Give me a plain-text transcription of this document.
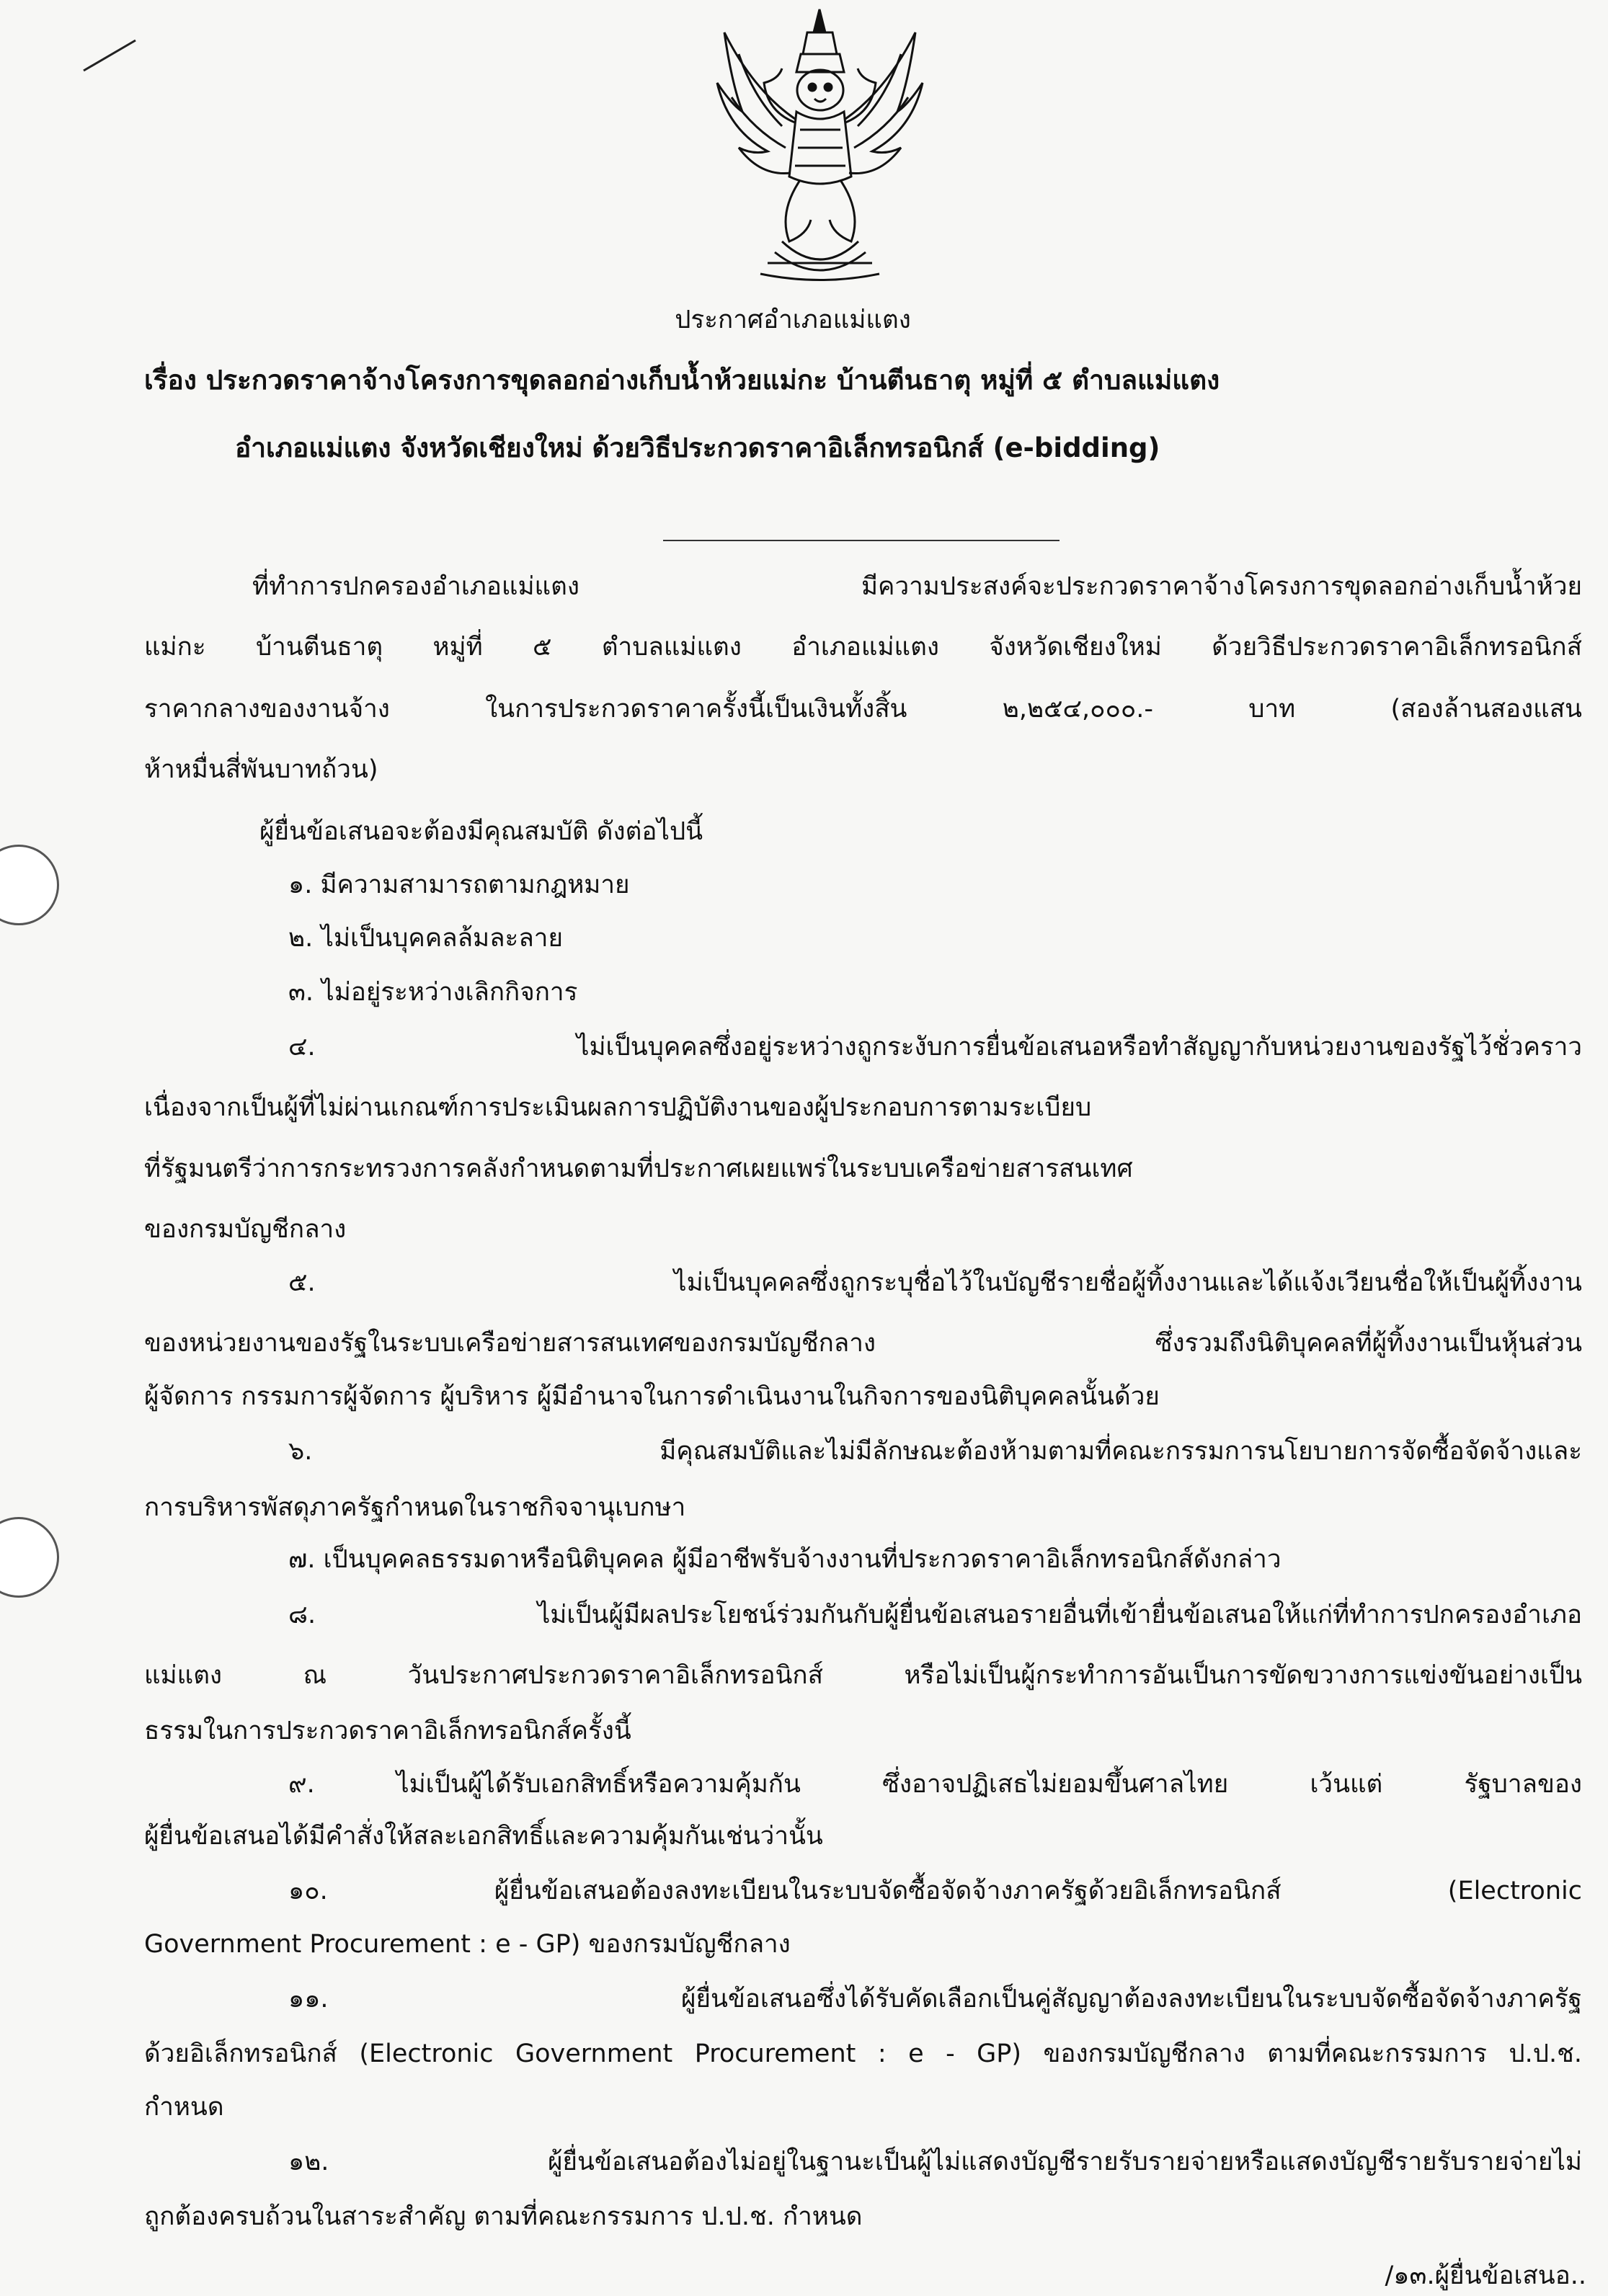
ประกาศอำเภอแม่แตง
เรื่อง ประกวดราคาจ้างโครงการขุดลอกอ่างเก็บน้ำห้วยแม่กะ บ้านตีนธาตุ หมู่ที่ ๕ ตำบลแม่แตง
อำเภอแม่แตง จังหวัดเชียงใหม่ ด้วยวิธีประกวดราคาอิเล็กทรอนิกส์ (e-bidding)
ที่ทำการปกครองอำเภอแม่แตง มีความประสงค์จะประกวดราคาจ้างโครงการขุดลอกอ่างเก็บน้ำห้วย
แม่กะ บ้านตีนธาตุ หมู่ที่ ๕ ตำบลแม่แตง อำเภอแม่แตง จังหวัดเชียงใหม่ ด้วยวิธีประกวดราคาอิเล็กทรอนิกส์
ราคากลางของงานจ้าง ในการประกวดราคาครั้งนี้เป็นเงินทั้งสิ้น ๒,๒๕๔,๐๐๐.- บาท (สองล้านสองแสน
ห้าหมื่นสี่พันบาทถ้วน)
ผู้ยื่นข้อเสนอจะต้องมีคุณสมบัติ ดังต่อไปนี้
๑. มีความสามารถตามกฎหมาย
๒. ไม่เป็นบุคคลล้มละลาย
๓. ไม่อยู่ระหว่างเลิกกิจการ
๔. ไม่เป็นบุคคลซึ่งอยู่ระหว่างถูกระงับการยื่นข้อเสนอหรือทำสัญญากับหน่วยงานของรัฐไว้ชั่วคราว
เนื่องจากเป็นผู้ที่ไม่ผ่านเกณฑ์การประเมินผลการปฏิบัติงานของผู้ประกอบการตามระเบียบ
ที่รัฐมนตรีว่าการกระทรวงการคลังกำหนดตามที่ประกาศเผยแพร่ในระบบเครือข่ายสารสนเทศ
ของกรมบัญชีกลาง
๕. ไม่เป็นบุคคลซึ่งถูกระบุชื่อไว้ในบัญชีรายชื่อผู้ทิ้งงานและได้แจ้งเวียนชื่อให้เป็นผู้ทิ้งงาน
ของหน่วยงานของรัฐในระบบเครือข่ายสารสนเทศของกรมบัญชีกลาง ซึ่งรวมถึงนิติบุคคลที่ผู้ทิ้งงานเป็นหุ้นส่วน
ผู้จัดการ กรรมการผู้จัดการ ผู้บริหาร ผู้มีอำนาจในการดำเนินงานในกิจการของนิติบุคคลนั้นด้วย
๖. มีคุณสมบัติและไม่มีลักษณะต้องห้ามตามที่คณะกรรมการนโยบายการจัดซื้อจัดจ้างและ
การบริหารพัสดุภาครัฐกำหนดในราชกิจจานุเบกษา
๗. เป็นบุคคลธรรมดาหรือนิติบุคคล ผู้มีอาชีพรับจ้างงานที่ประกวดราคาอิเล็กทรอนิกส์ดังกล่าว
๘. ไม่เป็นผู้มีผลประโยชน์ร่วมกันกับผู้ยื่นข้อเสนอรายอื่นที่เข้ายื่นข้อเสนอให้แก่ที่ทำการปกครองอำเภอ
แม่แตง ณ วันประกาศประกวดราคาอิเล็กทรอนิกส์ หรือไม่เป็นผู้กระทำการอันเป็นการขัดขวางการแข่งขันอย่างเป็น
ธรรมในการประกวดราคาอิเล็กทรอนิกส์ครั้งนี้
๙. ไม่เป็นผู้ได้รับเอกสิทธิ์หรือความคุ้มกัน ซึ่งอาจปฏิเสธไม่ยอมขึ้นศาลไทย เว้นแต่ รัฐบาลของ
ผู้ยื่นข้อเสนอได้มีคำสั่งให้สละเอกสิทธิ์และความคุ้มกันเช่นว่านั้น
๑๐. ผู้ยื่นข้อเสนอต้องลงทะเบียนในระบบจัดซื้อจัดจ้างภาครัฐด้วยอิเล็กทรอนิกส์ (Electronic
Government Procurement : e - GP) ของกรมบัญชีกลาง
๑๑. ผู้ยื่นข้อเสนอซึ่งได้รับคัดเลือกเป็นคู่สัญญาต้องลงทะเบียนในระบบจัดซื้อจัดจ้างภาครัฐ
ด้วยอิเล็กทรอนิกส์ (Electronic Government Procurement : e - GP) ของกรมบัญชีกลาง ตามที่คณะกรรมการ ป.ป.ช.
กำหนด
๑๒. ผู้ยื่นข้อเสนอต้องไม่อยู่ในฐานะเป็นผู้ไม่แสดงบัญชีรายรับรายจ่ายหรือแสดงบัญชีรายรับรายจ่ายไม่
ถูกต้องครบถ้วนในสาระสำคัญ ตามที่คณะกรรมการ ป.ป.ช. กำหนด
/๑๓.ผู้ยื่นข้อเสนอ..
